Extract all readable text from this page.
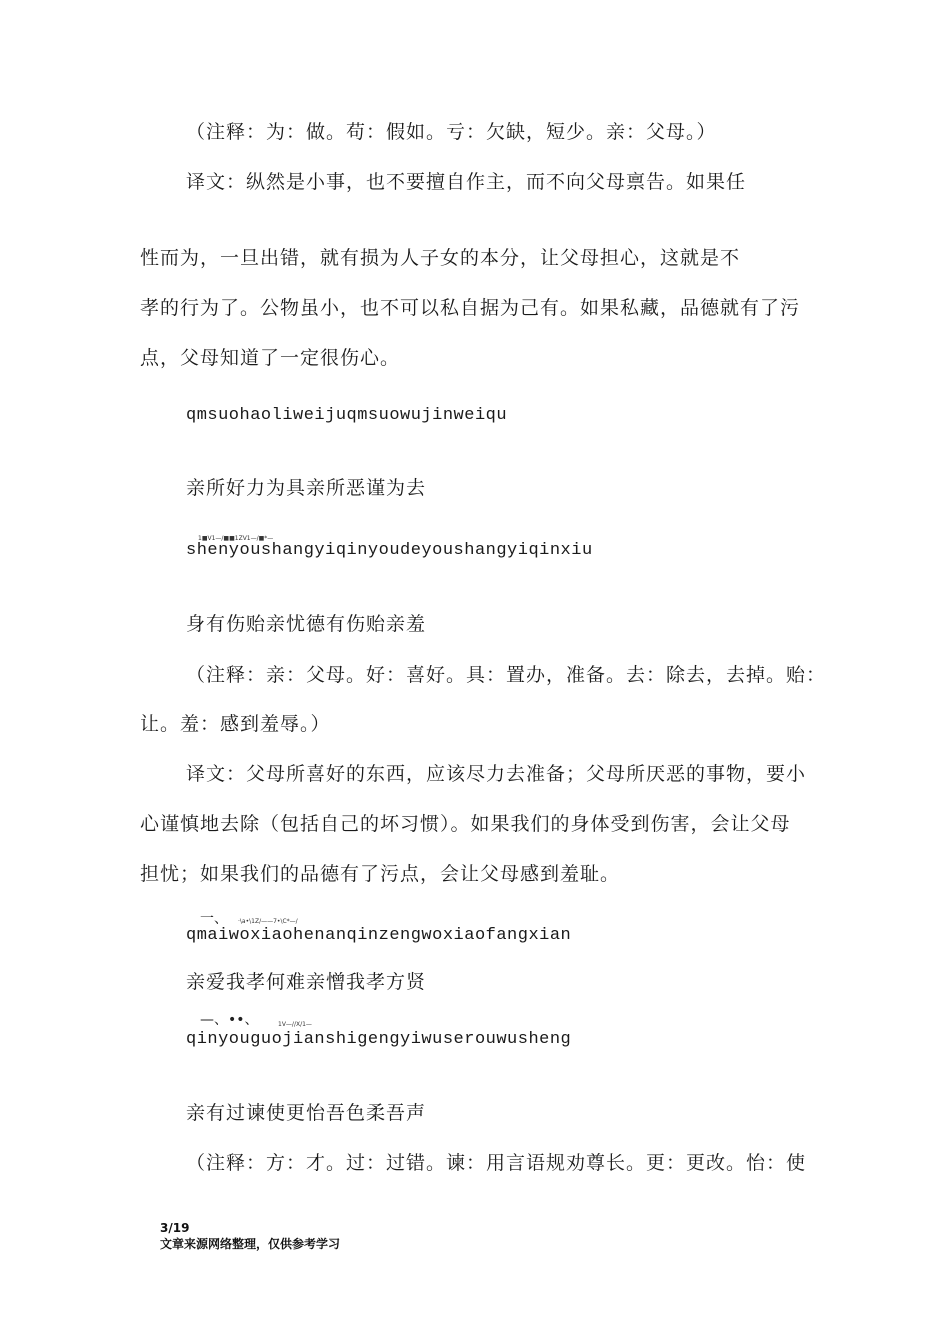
（注释：为：做。苟：假如。亏：欠缺，短少。亲：父母。）
译文：纵然是小事，也不要擅自作主，而不向父母禀告。如果任
性而为，一旦出错，就有损为人子女的本分，让父母担心，这就是不
孝的行为了。公物虽小，也不可以私自据为己有。如果私藏，品德就有了污
点，父母知道了一定很伤心。
qmsuohaoliweijuqmsuowujinweiqu
亲所好力为具亲所恶谨为去
1■V1—/■■1ZV1—/■*—
shenyoushangyiqinyoudeyoushangyiqinxiu
身有伤贻亲忧德有伤贻亲羞
（注释：亲：父母。好：喜好。具：置办，准备。去：除去，去掉。贻：
让。羞：感到羞辱。）
译文：父母所喜好的东西，应该尽力去准备；父母所厌恶的事物，要小
心谨慎地去除（包括自己的坏习惯）。如果我们的身体受到伤害，会让父母
担忧；如果我们的品德有了污点，会让父母感到羞耻。
一、 ·\a•\1Z/——7•\C*—/
qmaiwoxiaohenanqinzengwoxiaofangxian
亲爱我孝何难亲憎我孝方贤
—、••、	1V—//X/1—
qinyouguojianshigengyiwuserouwusheng
亲有过谏使更怡吾色柔吾声
（注释：方：才。过：过错。谏：用言语规劝尊长。更：更改。怡：使
3/19
文章来源网络整理，仅供参考学习
